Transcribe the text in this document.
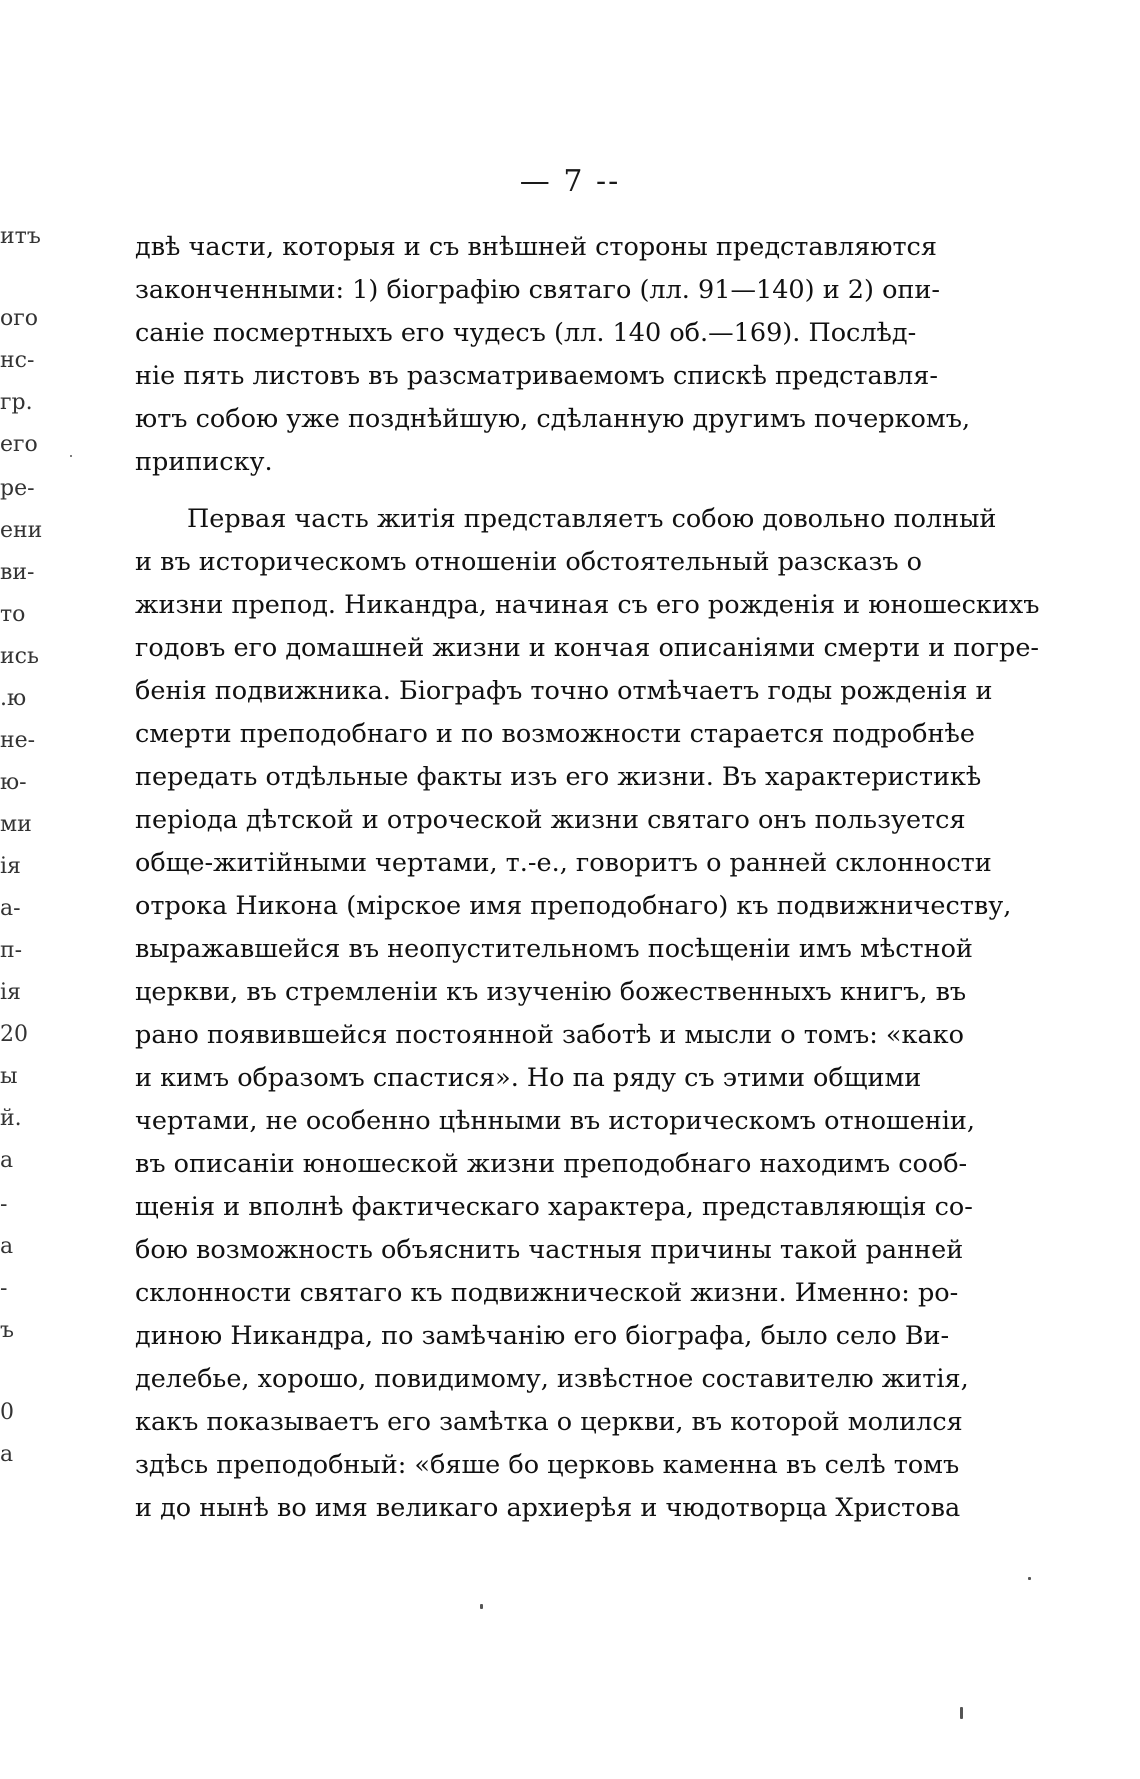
— 7 --
итъ
ого
нс-
гр.
его
ре-
ени
ви-
то
ись
.ю
не-
ю-
ми
ія
а-
п-
ія
20
ы
й.
а
-
а
-
ъ
0
а
двѣ части, которыя и съ внѣшней стороны представляются
законченными: 1) біографію святаго (лл. 91—140) и 2) опи-
саніе посмертныхъ его чудесъ (лл. 140 об.—169). Послѣд-
ніе пять листовъ въ разсматриваемомъ спискѣ представля-
ютъ собою уже позднѣйшую, сдѣланную другимъ почеркомъ,
приписку.
Первая часть житія представляетъ собою довольно полный
и въ историческомъ отношеніи обстоятельный разсказъ о
жизни препод. Никандра, начиная съ его рожденія и юношескихъ
годовъ его домашней жизни и кончая описаніями смерти и погре-
бенія подвижника. Біографъ точно отмѣчаетъ годы рожденія и
смерти преподобнаго и по возможности старается подробнѣе
передать отдѣльные факты изъ его жизни. Въ характеристикѣ
періода дѣтской и отроческой жизни святаго онъ пользуется
обще-житійными чертами, т.-е., говоритъ о ранней склонности
отрока Никона (мірское имя преподобнаго) къ подвижничеству,
выражавшейся въ неопустительномъ посѣщеніи имъ мѣстной
церкви, въ стремленіи къ изученію божественныхъ книгъ, въ
рано появившейся постоянной заботѣ и мысли о томъ: «како
и кимъ образомъ спастися». Но па ряду съ этими общими
чертами, не особенно цѣнными въ историческомъ отношеніи,
въ описаніи юношеской жизни преподобнаго находимъ сооб-
щенія и вполнѣ фактическаго характера, представляющія со-
бою возможность объяснить частныя причины такой ранней
склонности святаго къ подвижнической жизни. Именно: ро-
диною Никандра, по замѣчанію его біографа, было село Ви-
делебье, хорошо, повидимому, извѣстное составителю житія,
какъ показываетъ его замѣтка о церкви, въ которой молился
здѣсь преподобный: «бяше бо церковь каменна въ селѣ томъ
и до нынѣ во имя великаго архиерѣя и чюдотворца Христова
